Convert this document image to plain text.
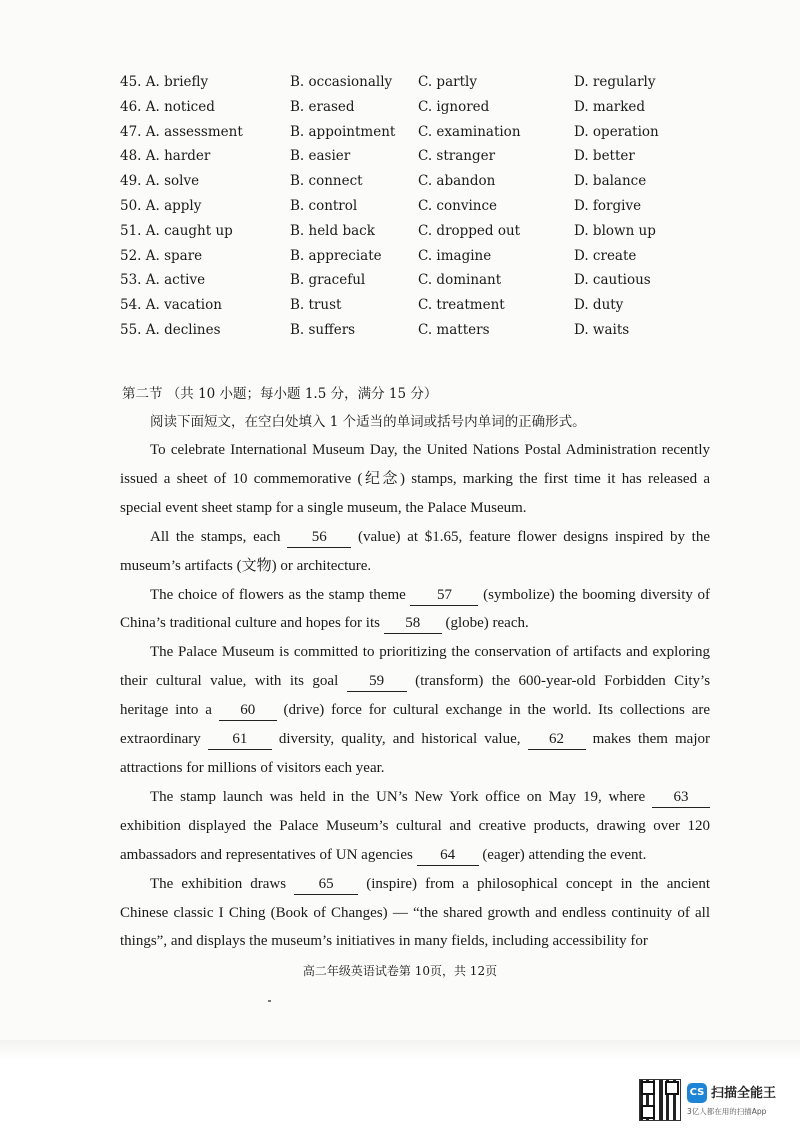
45. A. briefly	B. occasionally C. partly	D. regularly
46. A. noticed	B. erased	C. ignored	D. marked
47. A. assessment	B. appointment C. examination	D. operation
48. A. harder	B. easier	C. stranger	D. better
49. A. solve	B. connect	C. abandon	D. balance
50. A. apply	B. control	C. convince	D. forgive
51. A. caught up	B. held back	C. dropped out	D. blown up
52. A. spare	B. appreciate	C. imagine	D. create
53. A. active	B. graceful	C. dominant	D. cautious
54. A. vacation	B. trust	C. treatment	D. duty
55. A. declines	B. suffers	C. matters	D. waits
第二节 （共 10 小题；每小题 1.5 分，满分 15 分）
阅读下面短文，在空白处填入 1 个适当的单词或括号内单词的正确形式。

To celebrate International Museum Day, the United Nations Postal Administration recently issued a sheet of 10 commemorative (纪念) stamps, marking the first time it has released a special event sheet stamp for a single museum, the Palace Museum.

All the stamps, each 56 (value) at $1.65, feature flower designs inspired by the museum’s artifacts (文物) or architecture.

The choice of flowers as the stamp theme 57 (symbolize) the booming diversity of China’s traditional culture and hopes for its 58 (globe) reach.

The Palace Museum is committed to prioritizing the conservation of artifacts and exploring their cultural value, with its goal 59 (transform) the 600-year-old Forbidden City’s heritage into a 60 (drive) force for cultural exchange in the world. Its collections are extraordinary 61 diversity, quality, and historical value, 62 makes them major attractions for millions of visitors each year.

The stamp launch was held in the UN’s New York office on May 19, where 63 exhibition displayed the Palace Museum’s cultural and creative products, drawing over 120 ambassadors and representatives of UN agencies 64 (eager) attending the event.

The exhibition draws 65 (inspire) from a philosophical concept in the ancient Chinese classic I Ching (Book of Changes) — “the shared growth and endless continuity of all things”, and displays the museum’s initiatives in many fields, including accessibility for

高二年级英语试卷第 10页，共 12页
CS 扫描全能王
3亿人都在用的扫描App
